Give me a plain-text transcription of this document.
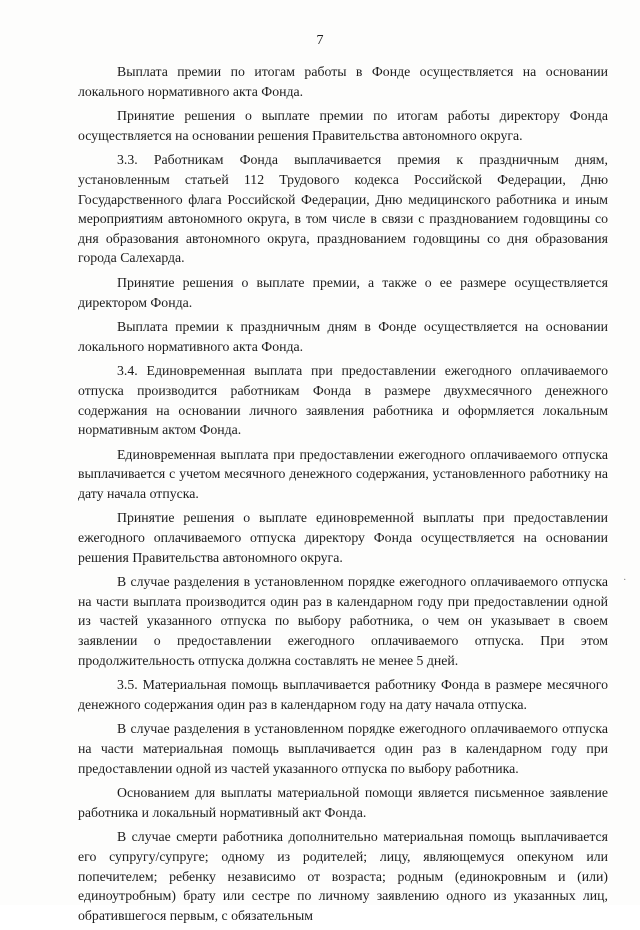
7

Выплата премии по итогам работы в Фонде осуществляется на основании локального нормативного акта Фонда.

Принятие решения о выплате премии по итогам работы директору Фонда осуществляется на основании решения Правительства автономного округа.

3.3. Работникам Фонда выплачивается премия к праздничным дням, установленным статьей 112 Трудового кодекса Российской Федерации, Дню Государственного флага Российской Федерации, Дню медицинского работника и иным мероприятиям автономного округа, в том числе в связи с празднованием годовщины со дня образования автономного округа, празднованием годовщины со дня образования города Салехарда.

Принятие решения о выплате премии, а также о ее размере осуществляется директором Фонда.

Выплата премии к праздничным дням в Фонде осуществляется на основании локального нормативного акта Фонда.

3.4. Единовременная выплата при предоставлении ежегодного оплачиваемого отпуска производится работникам Фонда в размере двухмесячного денежного содержания на основании личного заявления работника и оформляется локальным нормативным актом Фонда.

Единовременная выплата при предоставлении ежегодного оплачиваемого отпуска выплачивается с учетом месячного денежного содержания, установленного работнику на дату начала отпуска.

Принятие решения о выплате единовременной выплаты при предоставлении ежегодного оплачиваемого отпуска директору Фонда осуществляется на основании решения Правительства автономного округа.

В случае разделения в установленном порядке ежегодного оплачиваемого отпуска на части выплата производится один раз в календарном году при предоставлении одной из частей указанного отпуска по выбору работника, о чем он указывает в своем заявлении о предоставлении ежегодного оплачиваемого отпуска. При этом продолжительность отпуска должна составлять не менее 5 дней.

3.5. Материальная помощь выплачивается работнику Фонда в размере месячного денежного содержания один раз в календарном году на дату начала отпуска.

В случае разделения в установленном порядке ежегодного оплачиваемого отпуска на части материальная помощь выплачивается один раз в календарном году при предоставлении одной из частей указанного отпуска по выбору работника.

Основанием для выплаты материальной помощи является письменное заявление работника и локальный нормативный акт Фонда.

В случае смерти работника дополнительно материальная помощь выплачивается его супругу/супруге; одному из родителей; лицу, являющемуся опекуном или попечителем; ребенку независимо от возраста; родным (единокровным и (или) единоутробным) брату или сестре по личному заявлению одного из указанных лиц, обратившегося первым, с обязательным

.
